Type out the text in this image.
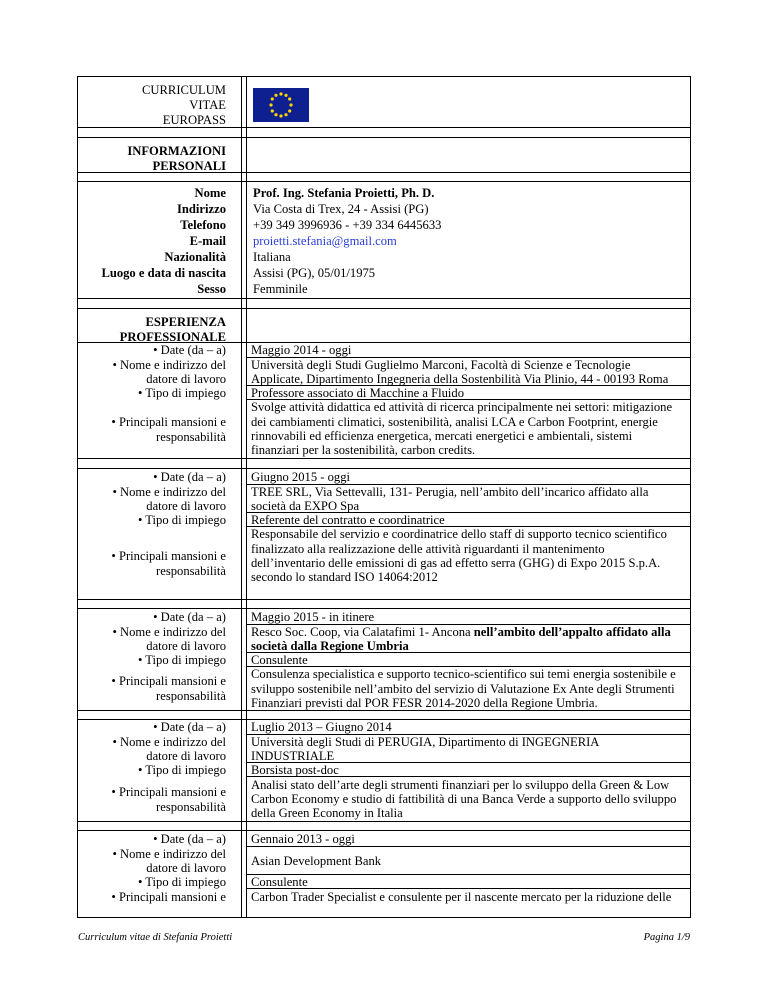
CURRICULUM
VITAE
EUROPASS
INFORMAZIONI
PERSONALI
Nome
Indirizzo
Telefono
E-mail
Nazionalità
Luogo e data di nascita
Sesso
Prof. Ing. Stefania Proietti, Ph. D.
Via Costa di Trex, 24 - Assisi (PG)
+39 349 3996936 - +39 334 6445633
proietti.stefania@gmail.com
Italiana
Assisi (PG), 05/01/1975
Femminile
ESPERIENZA
PROFESSIONALE
• Date (da – a)
• Nome e indirizzo del
datore di lavoro
• Tipo di impiego
• Principali mansioni e
responsabilità
Maggio 2014 - oggi
Università degli Studi Guglielmo Marconi, Facoltà di Scienze e Tecnologie
Applicate, Dipartimento Ingegneria della Sostenbilità Via Plinio, 44 - 00193 Roma
Professore associato di Macchine a Fluido
Svolge attività didattica ed attività di ricerca principalmente nei settori: mitigazione
dei cambiamenti climatici, sostenibilità, analisi LCA e Carbon Footprint, energie
rinnovabili ed efficienza energetica, mercati energetici e ambientali, sistemi
finanziari per la sostenibilità, carbon credits.
• Date (da – a)
• Nome e indirizzo del
datore di lavoro
• Tipo di impiego
• Principali mansioni e
responsabilità
Giugno 2015 - oggi
TREE SRL, Via Settevalli, 131- Perugia, nell’ambito dell’incarico affidato alla
società da EXPO Spa
Referente del contratto e coordinatrice
Responsabile del servizio e coordinatrice dello staff di supporto tecnico scientifico
finalizzato alla realizzazione delle attività riguardanti il mantenimento
dell’inventario delle emissioni di gas ad effetto serra (GHG) di Expo 2015 S.p.A.
secondo lo standard ISO 14064:2012
• Date (da – a)
• Nome e indirizzo del
datore di lavoro
• Tipo di impiego
• Principali mansioni e
responsabilità
Maggio 2015 - in itinere
Resco Soc. Coop, via Calatafimi 1- Ancona nell’ambito dell’appalto affidato alla
società dalla Regione Umbria
Consulente
Consulenza specialistica e supporto tecnico-scientifico sui temi energia sostenibile e
sviluppo sostenibile nell’ambito del servizio di Valutazione Ex Ante degli Strumenti
Finanziari previsti dal POR FESR 2014-2020 della Regione Umbria.
• Date (da – a)
• Nome e indirizzo del
datore di lavoro
• Tipo di impiego
• Principali mansioni e
responsabilità
Luglio 2013 – Giugno 2014
Università degli Studi di PERUGIA, Dipartimento di INGEGNERIA
INDUSTRIALE
Borsista post-doc
Analisi stato dell’arte degli strumenti finanziari per lo sviluppo della Green & Low
Carbon Economy e studio di fattibilità di una Banca Verde a supporto dello sviluppo
della Green Economy in Italia
• Date (da – a)
• Nome e indirizzo del
datore di lavoro
• Tipo di impiego
• Principali mansioni e
Gennaio 2013 - oggi
Asian Development Bank
Consulente
Carbon Trader Specialist e consulente per il nascente mercato per la riduzione delle
Curriculum vitae di Stefania Proietti	Pagina 1/9
